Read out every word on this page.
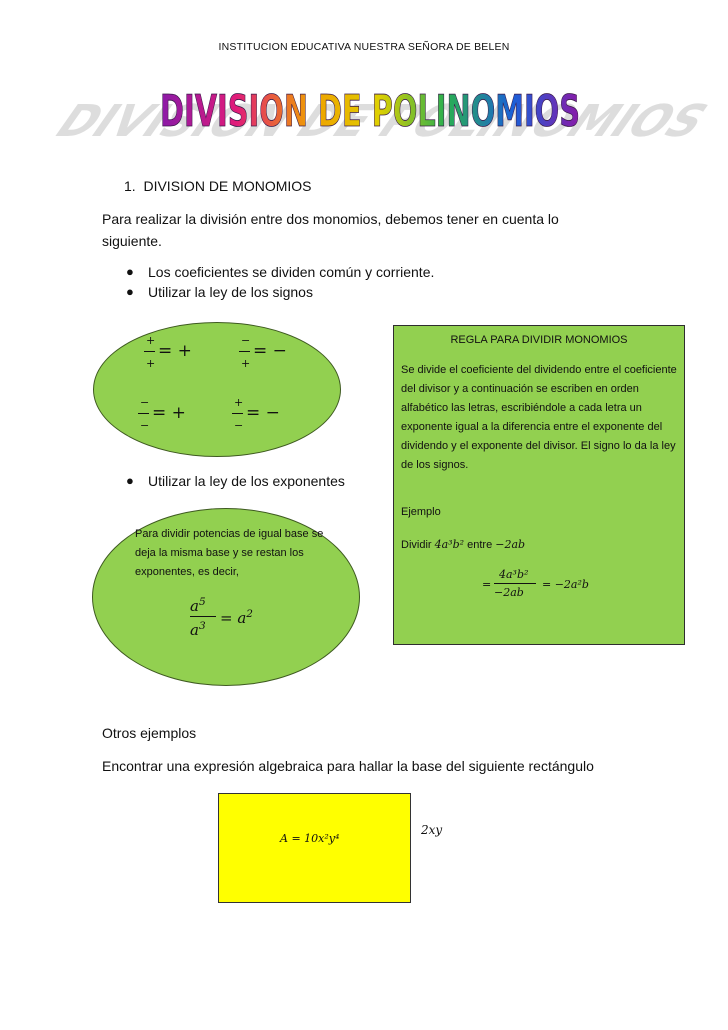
INSTITUCION EDUCATIVA NUESTRA SEÑORA DE BELEN
DIVISION DE POLINOMIOS
DIVISION DE POLINOMIOS
1. DIVISION DE MONOMIOS
Para realizar la división entre dos monomios, debemos tener en cuenta lo siguiente.
● Los coeficientes se dividen común y corriente.
● Utilizar la ley de los signos
+
+
= +
−
+
= −
−
−
= +
+
−
= −
● Utilizar la ley de los exponentes
Para dividir potencias de igual base se deja la misma base y se restan los exponentes, es decir,
$a^5$
$a^3 = a^2$
REGLA PARA DIVIDIR MONOMIOS
Se divide el coeficiente del dividendo entre el coeficiente del divisor y a continuación se escriben en orden alfabético las letras, escribiéndole a cada letra un exponente igual a la diferencia entre el exponente del dividendo y el exponente del divisor. El signo lo da la ley de los signos.
Ejemplo
Dividir 4a³b² entre −2ab
=
4a³b²
−2ab
= −2a²b
Otros ejemplos
Encontrar una expresión algebraica para hallar la base del siguiente rectángulo
A = 10x²y⁴
2xy
